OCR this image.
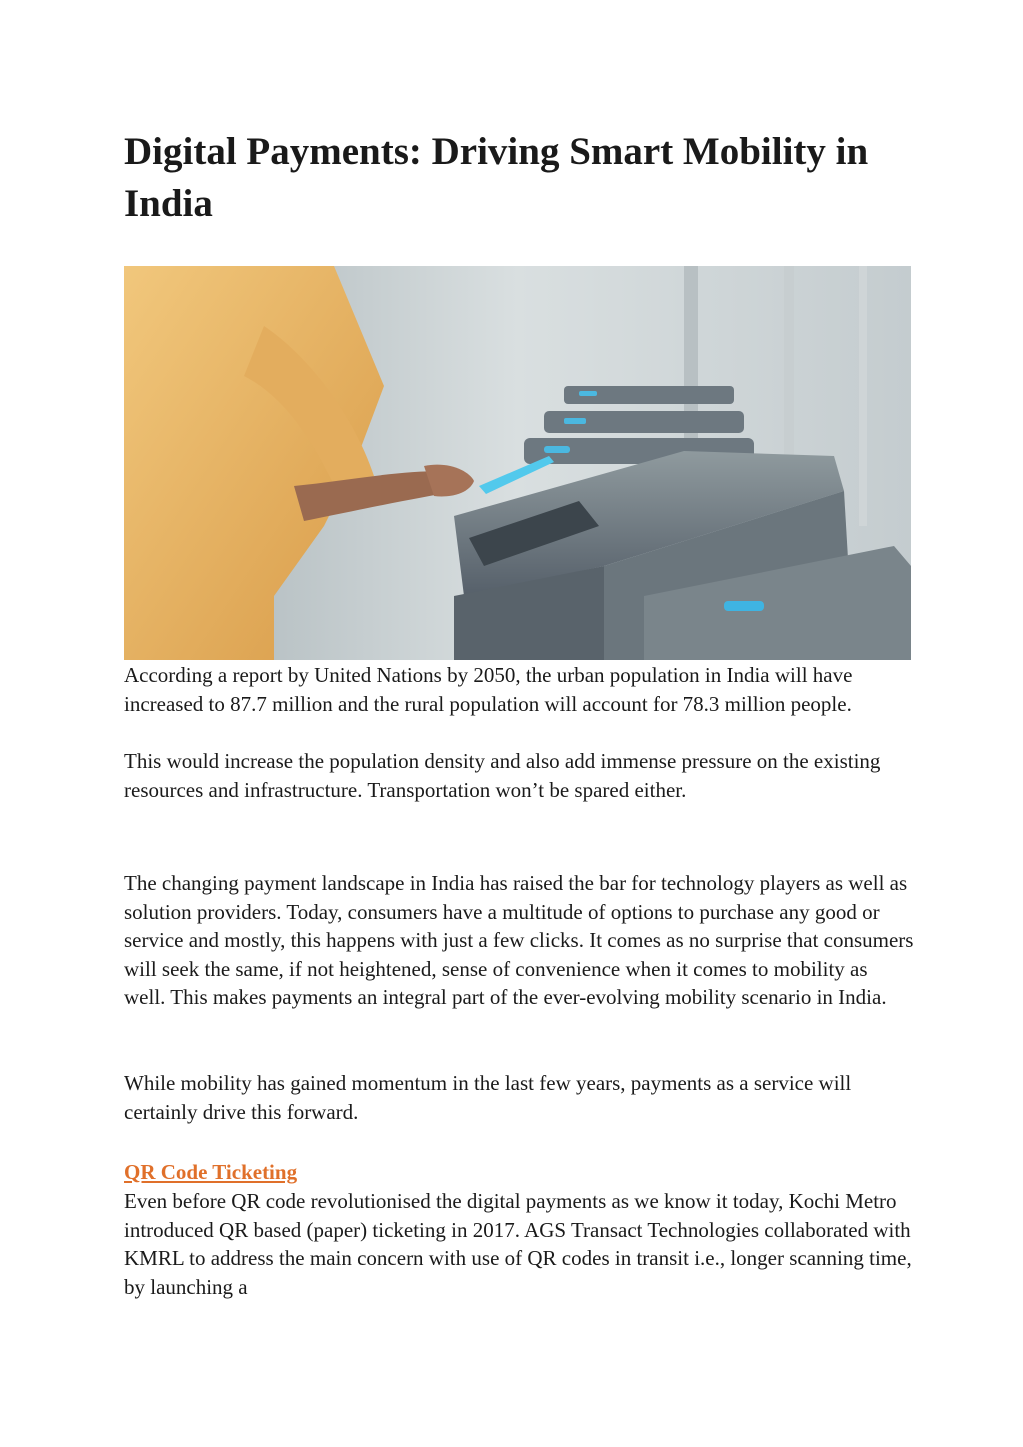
Digital Payments: Driving Smart Mobility in India

According a report by United Nations by 2050, the urban population in India will have increased to 87.7 million and the rural population will account for 78.3 million people.

This would increase the population density and also add immense pressure on the existing resources and infrastructure. Transportation won’t be spared either.

The changing payment landscape in India has raised the bar for technology players as well as solution providers. Today, consumers have a multitude of options to purchase any good or service and mostly, this happens with just a few clicks. It comes as no surprise that consumers will seek the same, if not heightened, sense of convenience when it comes to mobility as well. This makes payments an integral part of the ever-evolving mobility scenario in India.

While mobility has gained momentum in the last few years, payments as a service will certainly drive this forward.

QR Code Ticketing

Even before QR code revolutionised the digital payments as we know it today, Kochi Metro introduced QR based (paper) ticketing in 2017. AGS Transact Technologies collaborated with KMRL to address the main concern with use of QR codes in transit i.e., longer scanning time, by launching a
